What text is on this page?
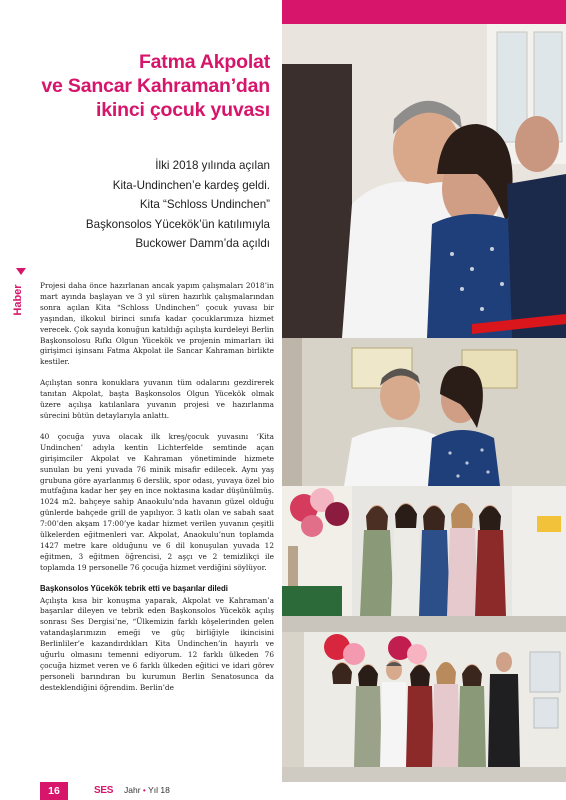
Fatma Akpolat
ve Sancar Kahraman’dan
ikinci çocuk yuvası
İlki 2018 yılında açılan
Kita-Undinchen’e kardeş geldi.
Kita “Schloss Undinchen”
Başkonsolos Yücekök’ün katılımıyla
Buckower Damm’da açıldı
Haber Projesi daha önce hazırlanan ancak yapım çalışmaları 2018’in mart ayında başlayan ve 3 yıl süren hazırlık çalışmalarından sonra açılan Kita “Schloss Undinchen” çocuk yuvası bir yaşından, ilkokul birinci sınıfa kadar çocuklarımıza hizmet verecek. Çok sayıda konuğun katıldığı açılışta kurdeleyi Berlin Başkonsolosu Rıfkı Olgun Yücekök ve projenin mimarları iki girişimci işinsanı Fatma Akpolat ile Sancar Kahraman birlikte kestiler.

Açılıştan sonra konuklara yuvanın tüm odalarını gezdirerek tanıtan Akpolat, başta Başkonsolos Olgun Yücekök olmak üzere açılışa katılanlara yuvanın projesi ve hazırlanma sürecini bütün detaylarıyla anlattı.

40 çocuğa yuva olacak ilk kreş/çocuk yuvasını ‘Kita Undinchen’ adıyla kentin Lichterfelde semtinde açan girişimciler Akpolat ve Kahraman yönetiminde hizmete sunulan bu yeni yuvada 76 minik misafir edilecek. Aynı yaş grubuna göre ayarlanmış 6 derslik, spor odası, yuvaya özel bio mutfağına kadar her şey en ince noktasına kadar düşünülmüş. 1024 m2. bahçeye sahip Anaokulu’nda havanın güzel olduğu günlerde bahçede grill de yapılıyor. 3 katlı olan ve sabah saat 7:00’den akşam 17:00’ye kadar hizmet verilen yuvanın çeşitli ülkelerden eğitmenleri var. Akpolat, Anaokulu’nun toplamda 1427 metre kare olduğunu ve 6 dil konuşulan yuvada 12 eğitmen, 3 eğitmen öğrencisi, 2 aşçı ve 2 temizlikçi ile toplamda 19 personelle 76 çocuğa hizmet verdiğini söylüyor.

Başkonsolos Yücekök tebrik etti ve başarılar diledi

Açılışta kısa bir konuşma yaparak, Akpolat ve Kahraman’a başarılar dileyen ve tebrik eden Başkonsolos Yücekök açılış sonrası Ses Dergisi’ne, “Ülkemizin farklı köşelerinden gelen vatandaşlarımızın emeği ve güç birliğiyle ikincisini Berlinliler’e kazandırdıkları Kita Undinchen’in hayırlı ve uğurlu olmasını temenni ediyorum. 12 farklı ülkeden 76 çocuğa hizmet veren ve 6 farklı ülkeden eğitici ve idari görev personeli barındıran bu kurumun Berlin Senatosunca da desteklendiğini öğrendim. Berlin’de

16	SES Jahr • Yıl 18
